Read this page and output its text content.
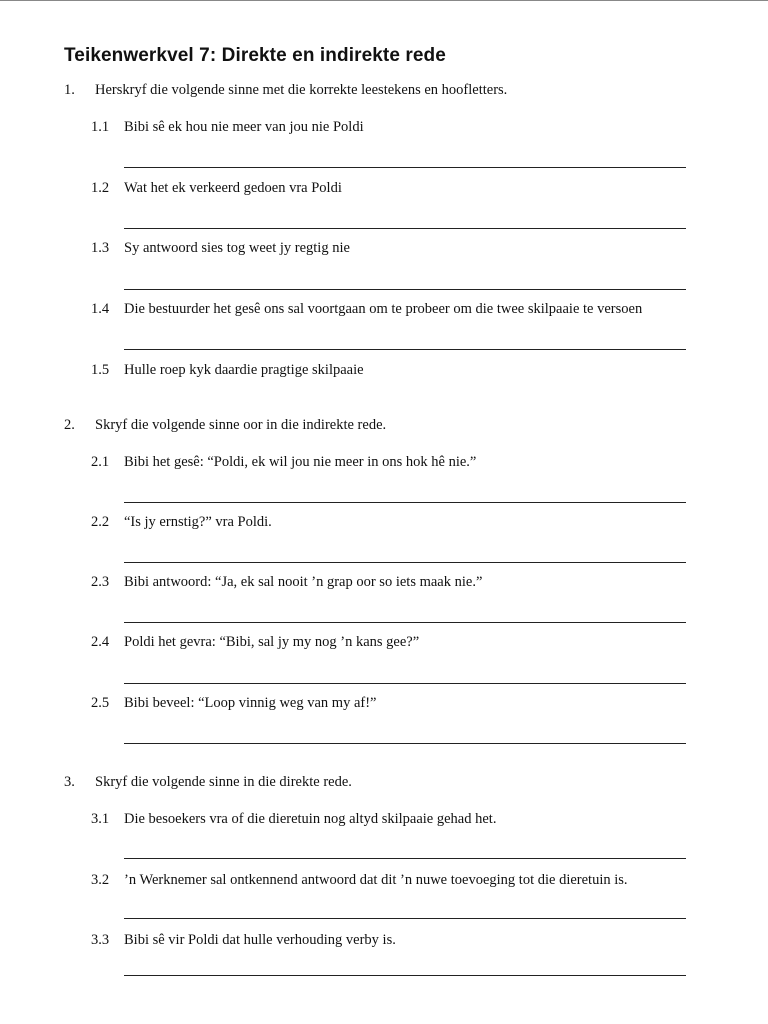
Teikenwerkvel 7: Direkte en indirekte rede
1. Herskryf die volgende sinne met die korrekte leestekens en hoofletters.
1.1 Bibi sê ek hou nie meer van jou nie Poldi
1.2 Wat het ek verkeerd gedoen vra Poldi
1.3 Sy antwoord sies tog weet jy regtig nie
1.4 Die bestuurder het gesê ons sal voortgaan om te probeer om die twee skilpaaie te versoen
1.5 Hulle roep kyk daardie pragtige skilpaaie
2. Skryf die volgende sinne oor in die indirekte rede.
2.1 Bibi het gesê: “Poldi, ek wil jou nie meer in ons hok hê nie.”
2.2 “Is jy ernstig?” vra Poldi.
2.3 Bibi antwoord: “Ja, ek sal nooit ’n grap oor so iets maak nie.”
2.4 Poldi het gevra: “Bibi, sal jy my nog ’n kans gee?”
2.5 Bibi beveel: “Loop vinnig weg van my af!”
3. Skryf die volgende sinne in die direkte rede.
3.1 Die besoekers vra of die dieretuin nog altyd skilpaaie gehad het.
3.2 ’n Werknemer sal ontkennend antwoord dat dit ’n nuwe toevoeging tot die dieretuin is.
3.3 Bibi sê vir Poldi dat hulle verhouding verby is.
